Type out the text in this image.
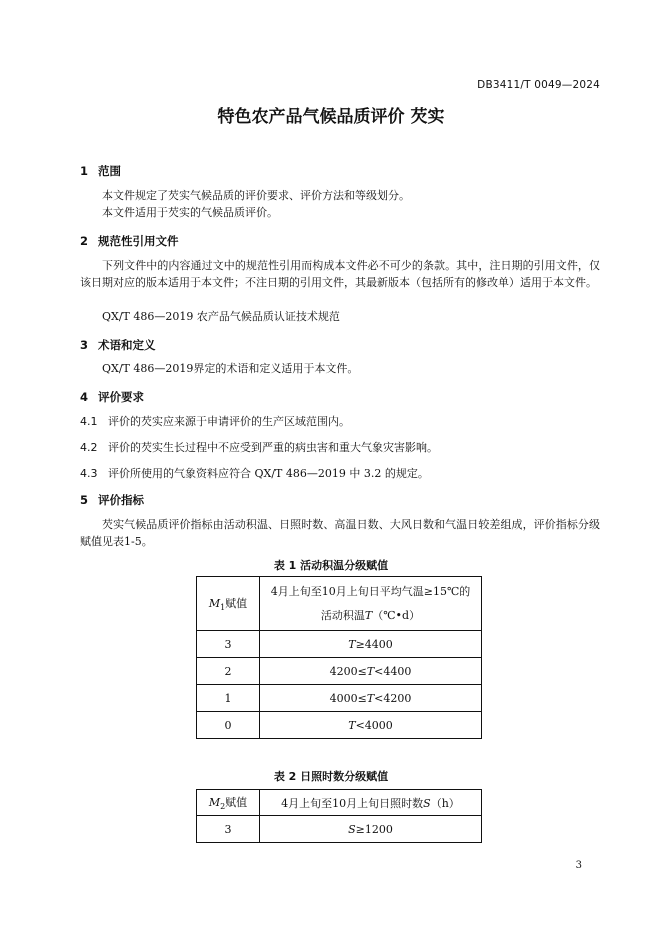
DB3411/T 0049—2024
特色农产品气候品质评价 芡实
1 范围
本文件规定了芡实气候品质的评价要求、评价方法和等级划分。
本文件适用于芡实的气候品质评价。
2 规范性引用文件
下列文件中的内容通过文中的规范性引用而构成本文件必不可少的条款。其中，注日期的引用文件，仅该日期对应的版本适用于本文件；不注日期的引用文件，其最新版本（包括所有的修改单）适用于本文件。
QX/T 486—2019 农产品气候品质认证技术规范
3 术语和定义
QX/T 486—2019界定的术语和定义适用于本文件。
4 评价要求
4.1 评价的芡实应来源于申请评价的生产区域范围内。
4.2 评价的芡实生长过程中不应受到严重的病虫害和重大气象灾害影响。
4.3 评价所使用的气象资料应符合 QX/T 486—2019 中 3.2 的规定。
5 评价指标
芡实气候品质评价指标由活动积温、日照时数、高温日数、大风日数和气温日较差组成，评价指标分级赋值见表1-5。
表 1 活动积温分级赋值
$M_1$赋值	4月上旬至10月上旬日平均气温≥15℃的
活动积温T（℃•d）
3	T≥4400
2	4200≤T<4400
1	4000≤T<4200
0	T<4000
表 2 日照时数分级赋值
$M_2$赋值	4月上旬至10月上旬日照时数S（h）
3	S≥1200
3
